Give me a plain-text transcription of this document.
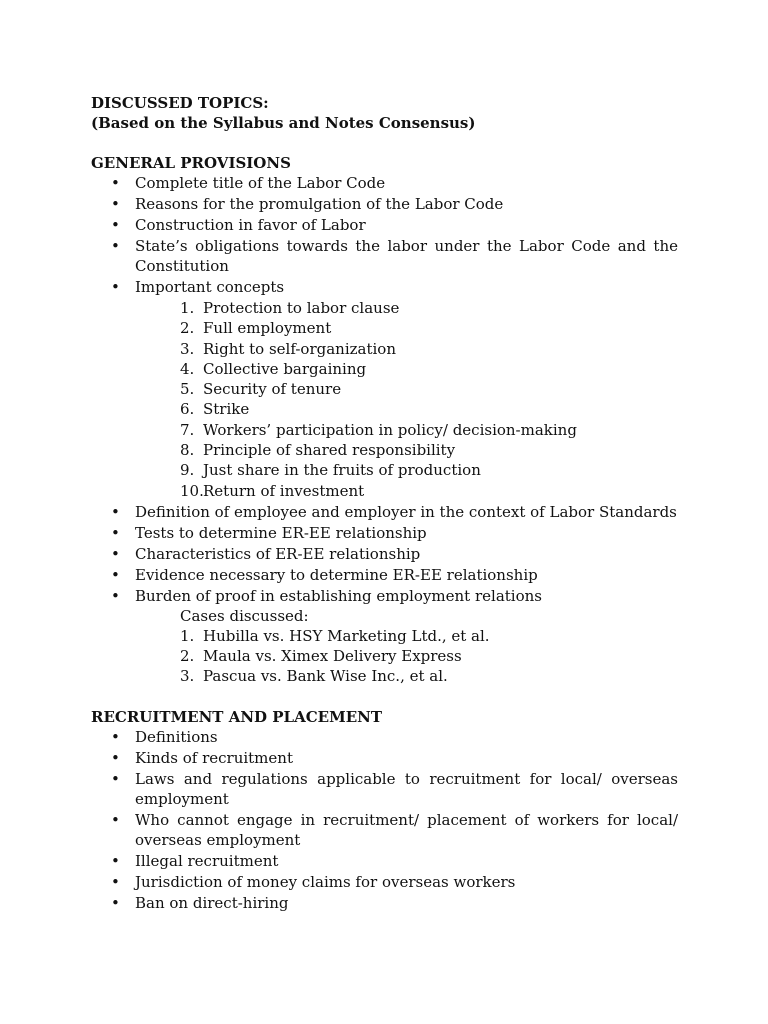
DISCUSSED TOPICS:
(Based on the Syllabus and Notes Consensus)
GENERAL PROVISIONS
• Complete title of the Labor Code
• Reasons for the promulgation of the Labor Code
• Construction in favor of Labor
• State’s obligations towards the labor under the Labor Code and the Constitution
• Important concepts
1. Protection to labor clause
2. Full employment
3. Right to self-organization
4. Collective bargaining
5. Security of tenure
6. Strike
7. Workers’ participation in policy/ decision-making
8. Principle of shared responsibility
9. Just share in the fruits of production
10. Return of investment
• Definition of employee and employer in the context of Labor Standards
• Tests to determine ER-EE relationship
• Characteristics of ER-EE relationship
• Evidence necessary to determine ER-EE relationship
• Burden of proof in establishing employment relations
Cases discussed:
1. Hubilla vs. HSY Marketing Ltd., et al.
2. Maula vs. Ximex Delivery Express
3. Pascua vs. Bank Wise Inc., et al.
RECRUITMENT AND PLACEMENT
• Definitions
• Kinds of recruitment
• Laws and regulations applicable to recruitment for local/ overseas employment
• Who cannot engage in recruitment/ placement of workers for local/ overseas employment
• Illegal recruitment
• Jurisdiction of money claims for overseas workers
• Ban on direct-hiring
